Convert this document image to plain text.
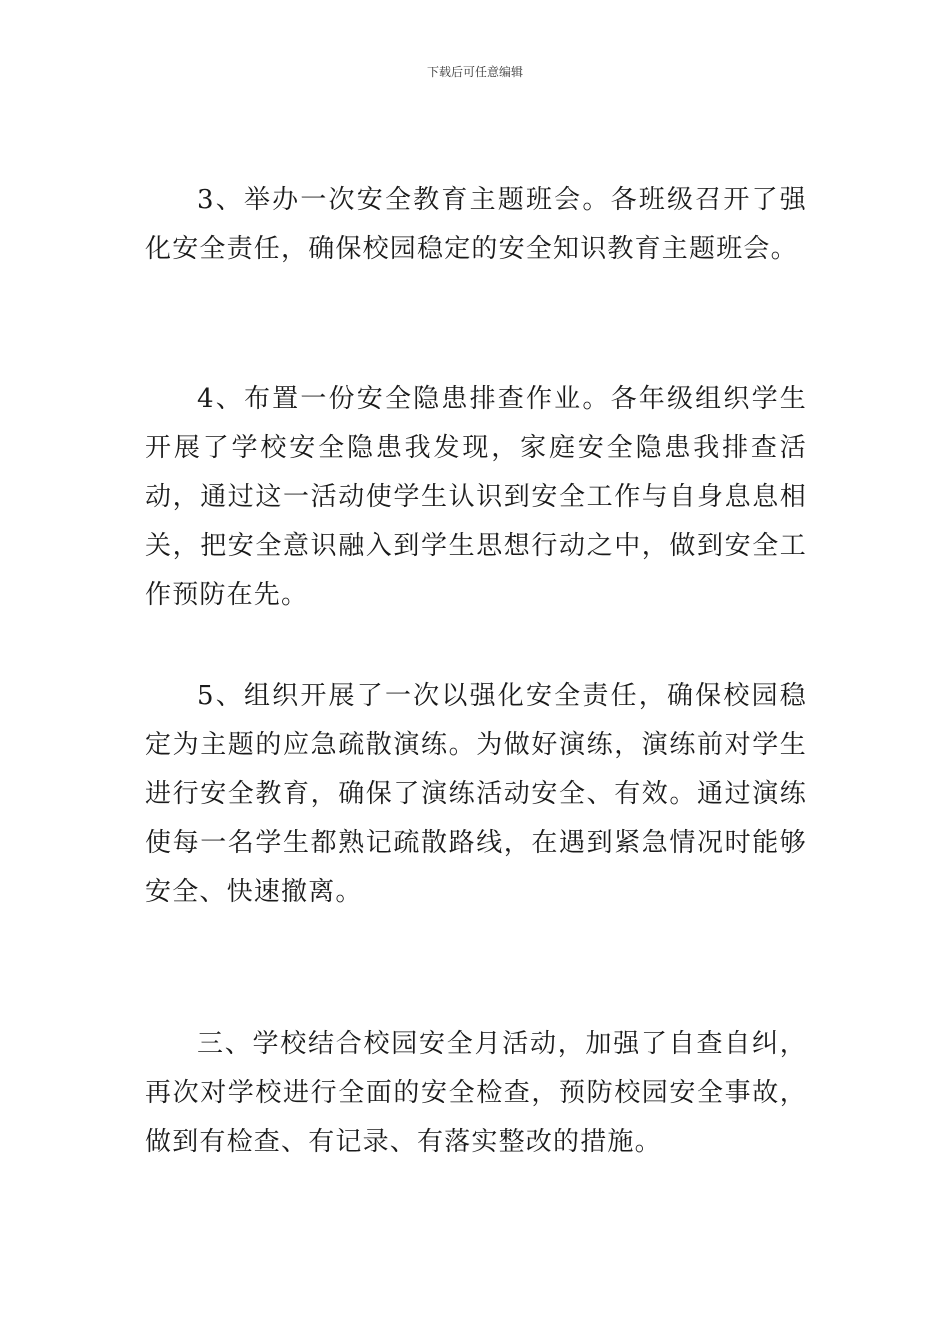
下载后可任意编辑

3、举办一次安全教育主题班会。各班级召开了强化安全责任，确保校园稳定的安全知识教育主题班会。

4、布置一份安全隐患排查作业。各年级组织学生开展了学校安全隐患我发现，家庭安全隐患我排查活动，通过这一活动使学生认识到安全工作与自身息息相关，把安全意识融入到学生思想行动之中，做到安全工作预防在先。

5、组织开展了一次以强化安全责任，确保校园稳定为主题的应急疏散演练。为做好演练，演练前对学生进行安全教育，确保了演练活动安全、有效。通过演练使每一名学生都熟记疏散路线，在遇到紧急情况时能够安全、快速撤离。

三、学校结合校园安全月活动，加强了自查自纠，再次对学校进行全面的安全检查，预防校园安全事故，做到有检查、有记录、有落实整改的措施。
